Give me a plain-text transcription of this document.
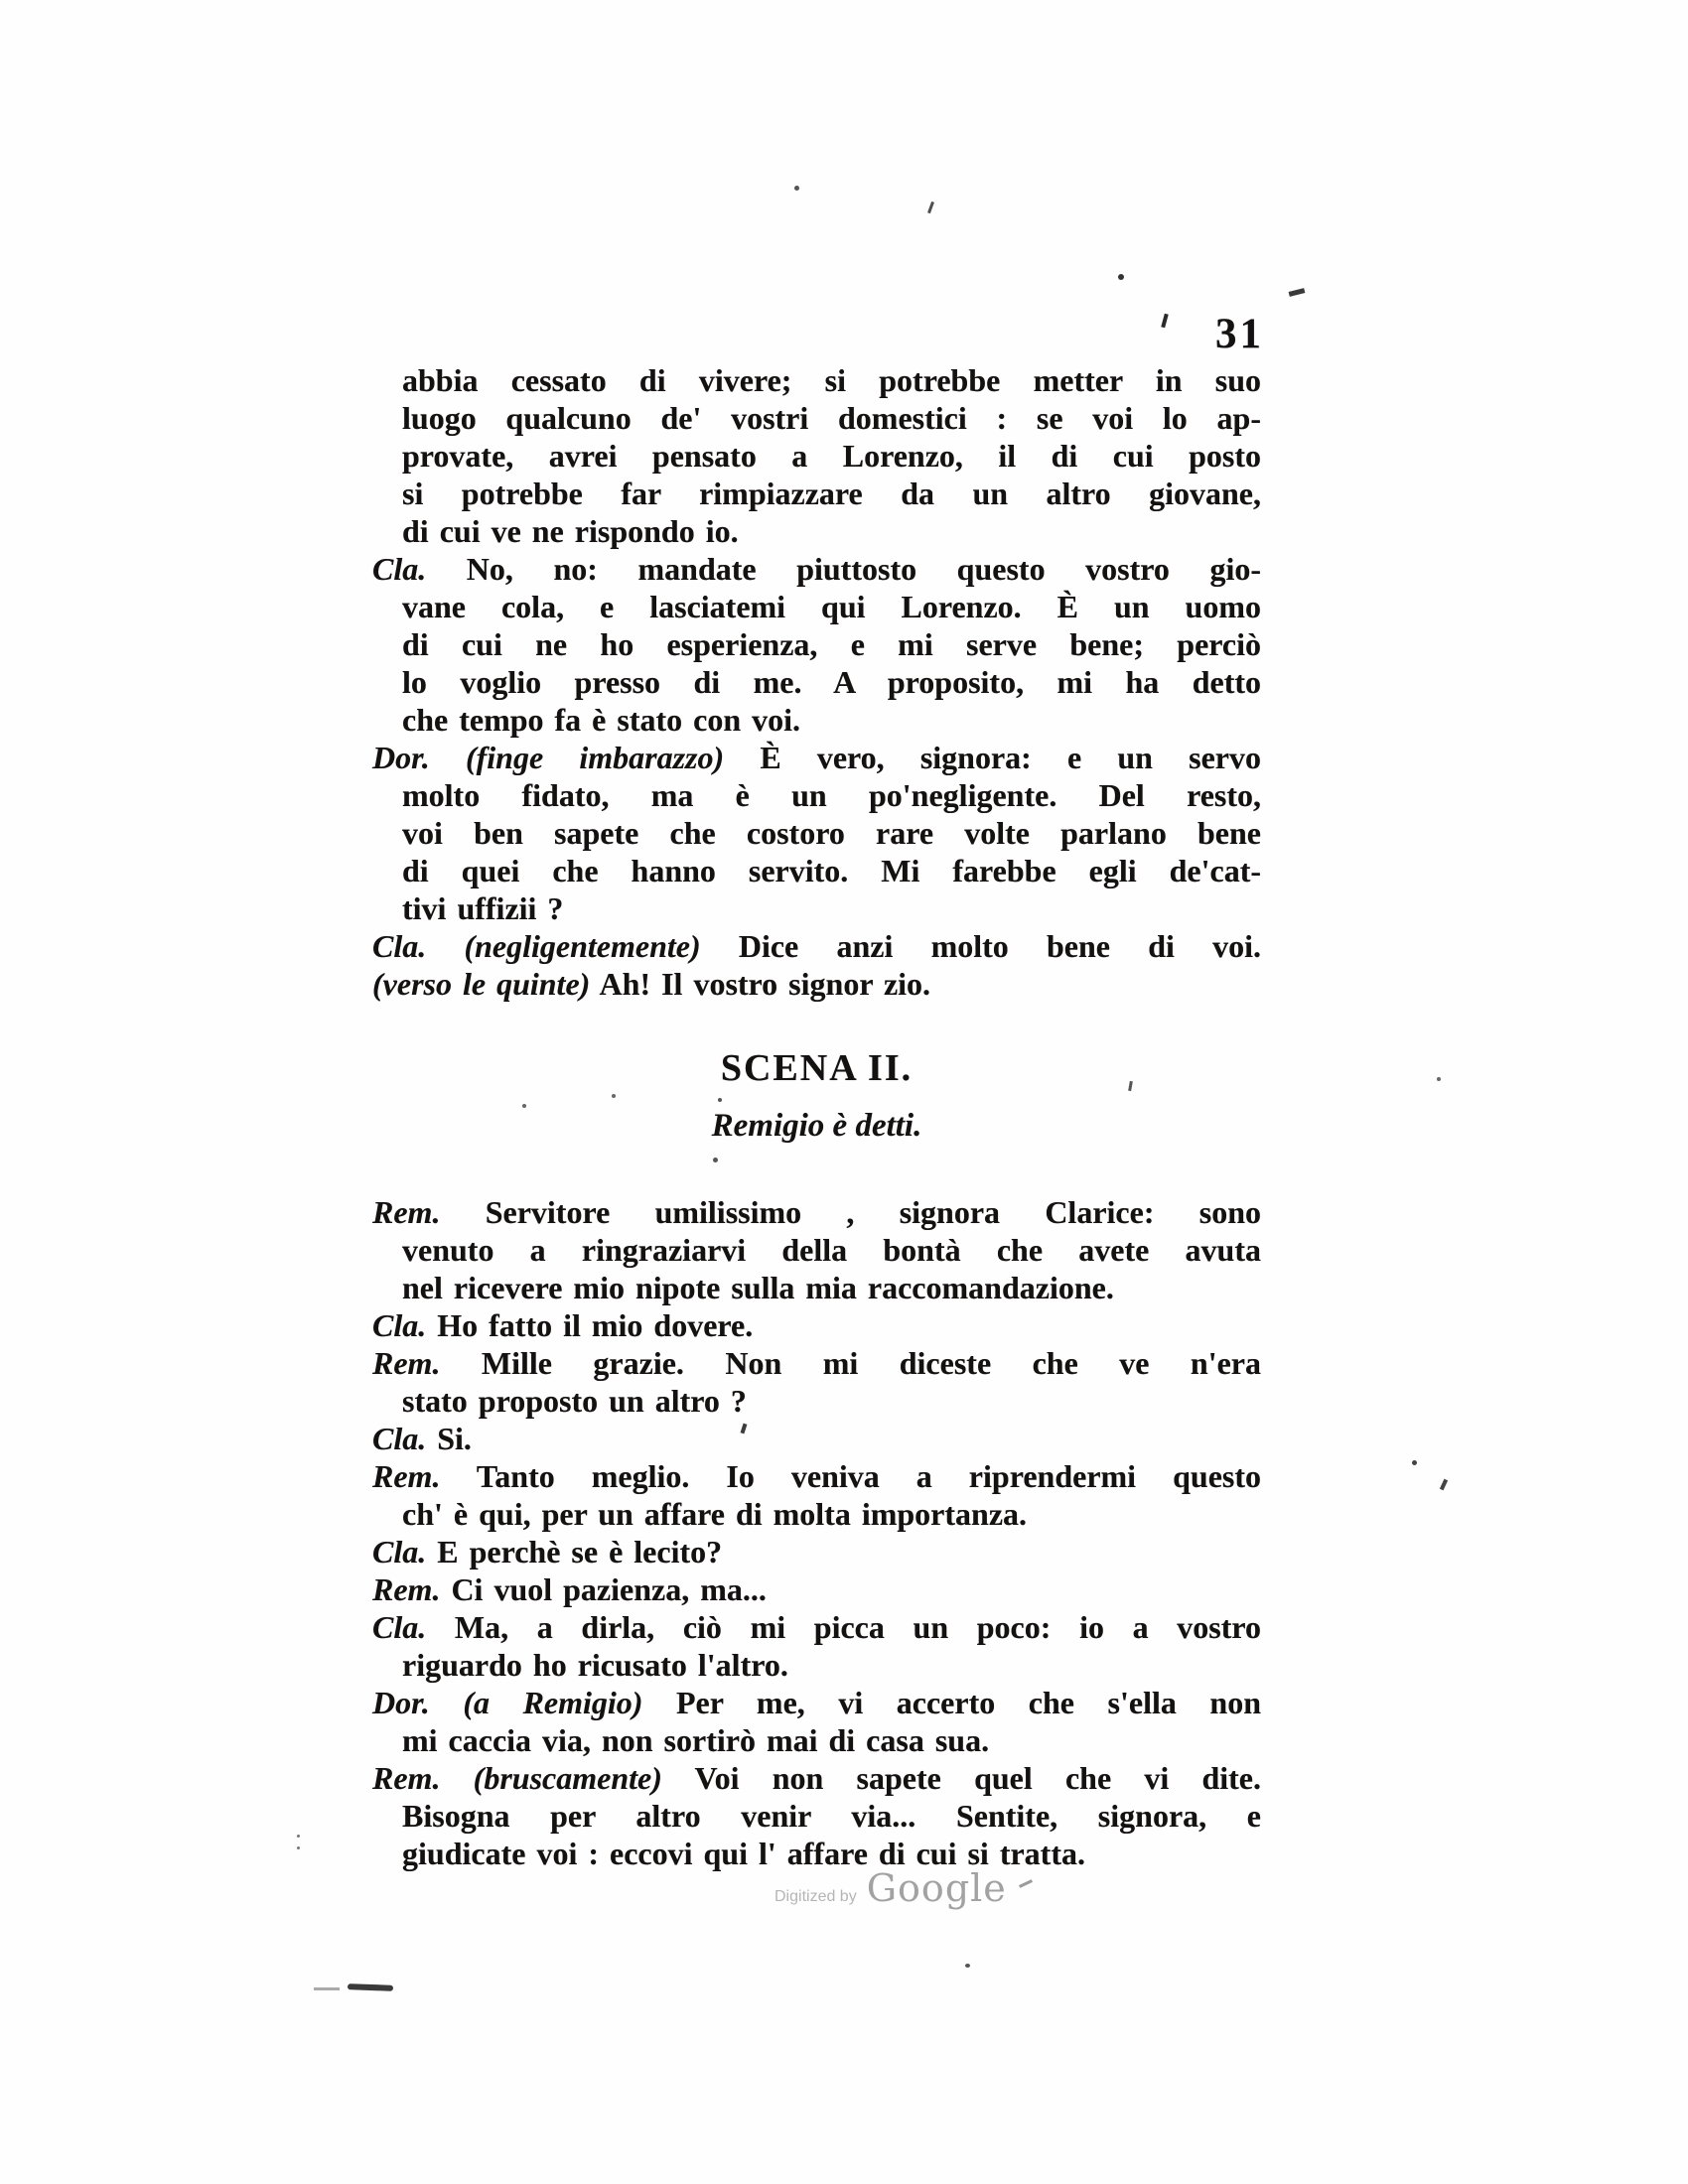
31
abbia cessato di vivere; si potrebbe metter in suo
luogo qualcuno de' vostri domestici : se voi lo ap-
provate, avrei pensato a Lorenzo, il di cui posto
si potrebbe far rimpiazzare da un altro giovane,
di cui ve ne rispondo io.
Cla. No, no: mandate piuttosto questo vostro gio-
vane cola, e lasciatemi qui Lorenzo. È un uomo
di cui ne ho esperienza, e mi serve bene; perciò
lo voglio presso di me. A proposito, mi ha detto
che tempo fa è stato con voi.
Dor. (finge imbarazzo) È vero, signora: e un servo
molto fidato, ma è un po'negligente. Del resto,
voi ben sapete che costoro rare volte parlano bene
di quei che hanno servito. Mi farebbe egli de'cat-
tivi uffizii ?
Cla. (negligentemente) Dice anzi molto bene di voi.
(verso le quinte) Ah! Il vostro signor zio.
SCENA II.
Remigio è detti.
Rem. Servitore umilissimo , signora Clarice: sono
venuto a ringraziarvi della bontà che avete avuta
nel ricevere mio nipote sulla mia raccomandazione.
Cla. Ho fatto il mio dovere.
Rem. Mille grazie. Non mi diceste che ve n'era
stato proposto un altro ?
Cla. Si.
Rem. Tanto meglio. Io veniva a riprendermi questo
ch' è qui, per un affare di molta importanza.
Cla. E perchè se è lecito?
Rem. Ci vuol pazienza, ma...
Cla. Ma, a dirla, ciò mi picca un poco: io a vostro
riguardo ho ricusato l'altro.
Dor. (a Remigio) Per me, vi accerto che s'ella non
mi caccia via, non sortirò mai di casa sua.
Rem. (bruscamente) Voi non sapete quel che vi dite.
Bisogna per altro venir via... Sentite, signora, e
giudicate voi : eccovi qui l' affare di cui si tratta.
Digitized by Google
